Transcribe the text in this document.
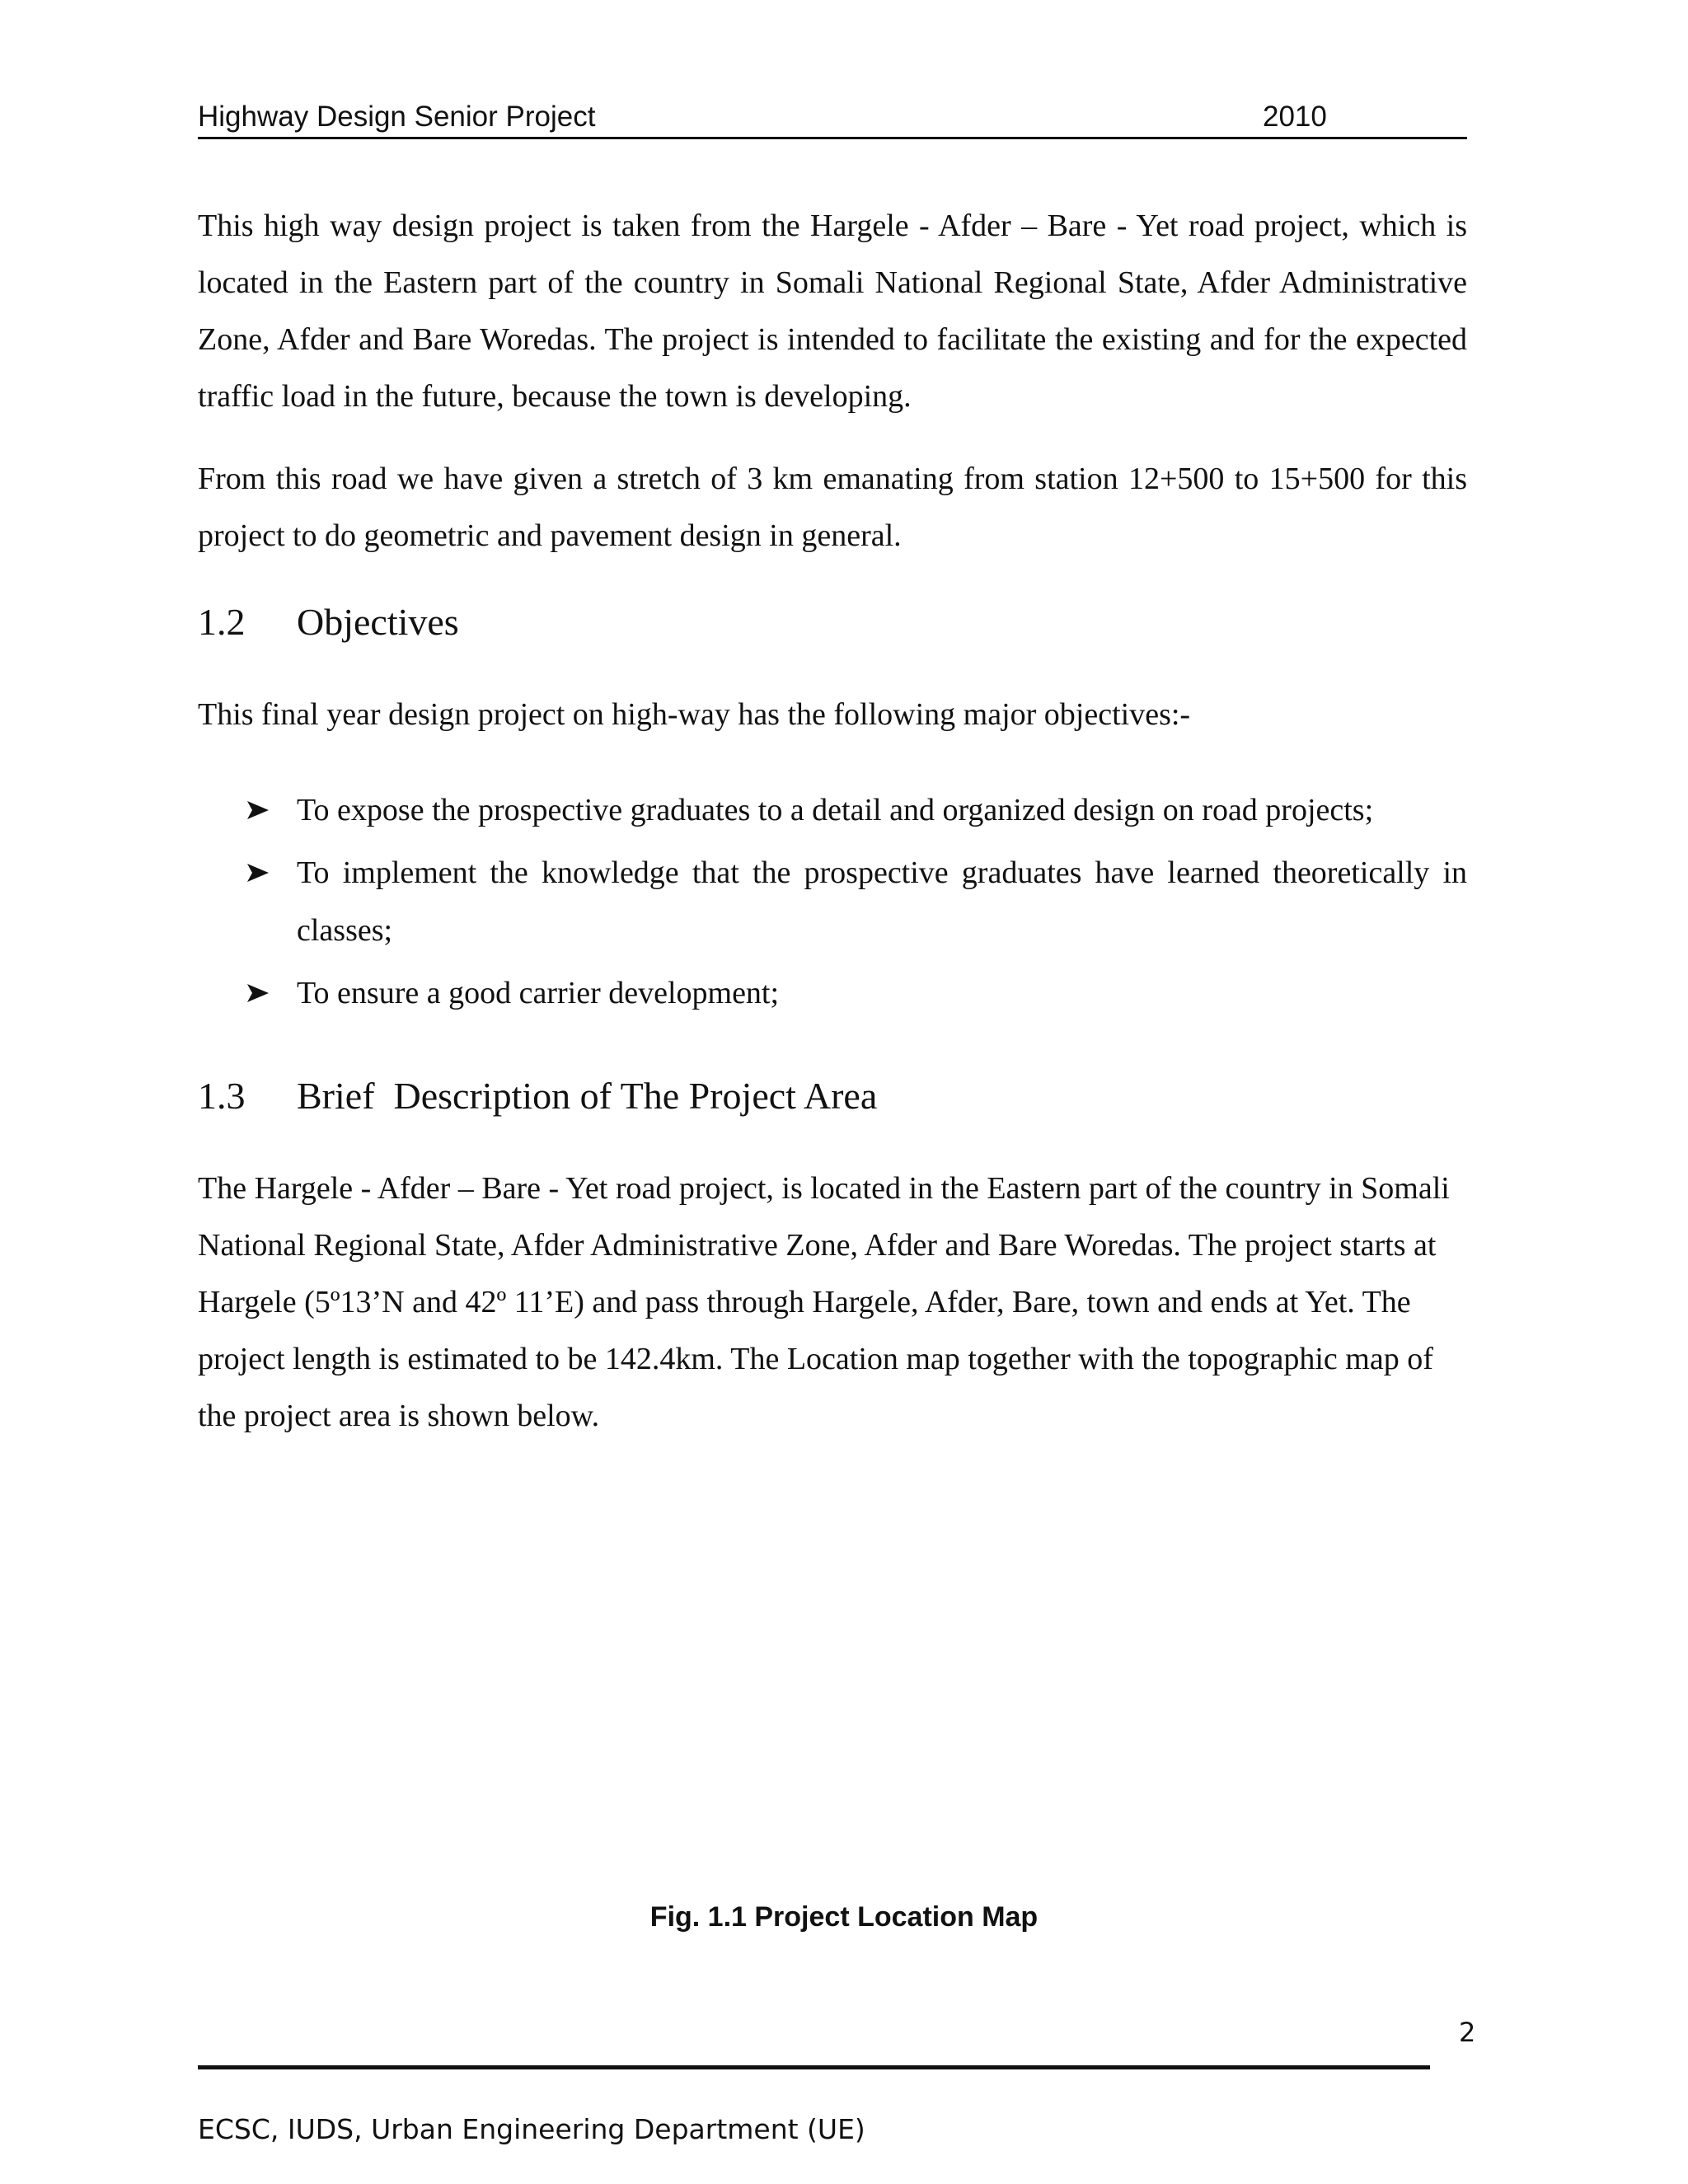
Highway Design Senior Project	2010

This high way design project is taken from the Hargele - Afder – Bare - Yet road project, which is located in the Eastern part of the country in Somali National Regional State, Afder Administrative Zone, Afder and Bare Woredas. The project is intended to facilitate the existing and for the expected traffic load in the future, because the town is developing.

From this road we have given a stretch of 3 km emanating from station 12+500 to 15+500 for this project to do geometric and pavement design in general.

1.2 Objectives

This final year design project on high-way has the following major objectives:-

To expose the prospective graduates to a detail and organized design on road projects;
To implement the knowledge that the prospective graduates have learned theoretically in classes;
To ensure a good carrier development;
1.3 Brief  Description of The Project Area

The Hargele - Afder – Bare - Yet road project, is located in the Eastern part of the country in Somali National Regional State, Afder Administrative Zone, Afder and Bare Woredas. The project starts at Hargele (5º13’N and 42º 11’E) and pass through Hargele, Afder, Bare, town and ends at Yet. The project length is estimated to be 142.4km. The Location map together with the topographic map of the project area is shown below.

Fig. 1.1 Project Location Map
2
ECSC, IUDS, Urban Engineering Department (UE)
